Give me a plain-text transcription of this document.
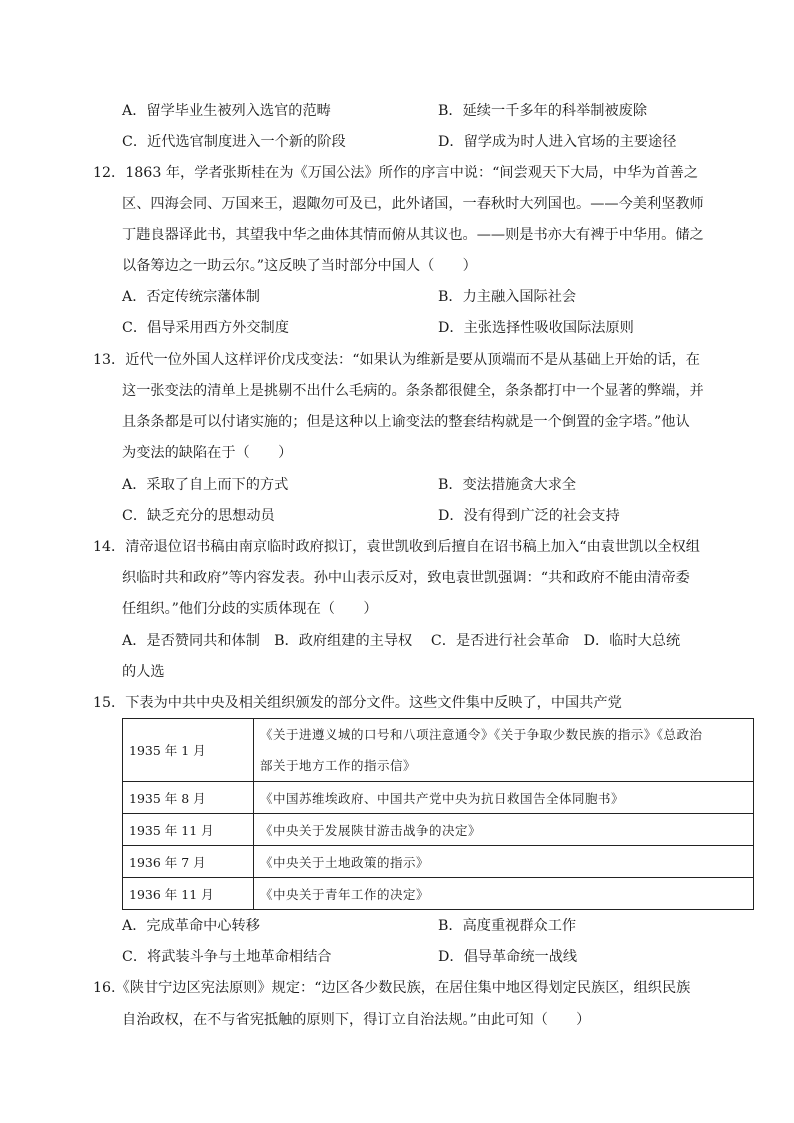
A．留学毕业生被列入选官的范畴	B．延续一千多年的科举制被废除
C．近代选官制度进入一个新的阶段	D．留学成为时人进入官场的主要途径
12．1863 年，学者张斯桂在为《万国公法》所作的序言中说：“间尝观天下大局，中华为首善之
区、四海会同、万国来王，遐陬勿可及已，此外诸国，一春秋时大列国也。——今美利坚教师
丁韪良器译此书，其望我中华之曲体其情而俯从其议也。——则是书亦大有裨于中华用。储之
以备筹边之一助云尔。”这反映了当时部分中国人（　　）
A．否定传统宗藩体制	B．力主融入国际社会
C．倡导采用西方外交制度	D．主张选择性吸收国际法原则
13．近代一位外国人这样评价戊戌变法：“如果认为维新是要从顶端而不是从基础上开始的话，在
这一张变法的清单上是挑剔不出什么毛病的。条条都很健全，条条都打中一个显著的弊端，并
且条条都是可以付诸实施的；但是这种以上谕变法的整套结构就是一个倒置的金字塔。”他认
为变法的缺陷在于（　　）
A．采取了自上而下的方式	B．变法措施贪大求全
C．缺乏充分的思想动员	D．没有得到广泛的社会支持
14．清帝退位诏书稿由南京临时政府拟订，袁世凯收到后擅自在诏书稿上加入“由袁世凯以全权组
织临时共和政府”等内容发表。孙中山表示反对，致电袁世凯强调：“共和政府不能由清帝委
任组织。”他们分歧的实质体现在（　　）
A．是否赞同共和体制　B．政府组建的主导权　 C．是否进行社会革命　D．临时大总统
的人选
15．下表为中共中央及相关组织颁发的部分文件。这些文件集中反映了，中国共产党
1935 年 1 月	《关于进遵义城的口号和八项注意通令》《关于争取少数民族的指示》《总政治
部关于地方工作的指示信》

1935 年 8 月	《中国苏维埃政府、中国共产党中央为抗日救国告全体同胞书》
1935 年 11 月	《中央关于发展陕甘游击战争的决定》
1936 年 7 月	《中央关于土地政策的指示》
1936 年 11 月	《中央关于青年工作的决定》
A．完成革命中心转移	B．高度重视群众工作
C．将武装斗争与土地革命相结合	D．倡导革命统一战线
16.《陕甘宁边区宪法原则》规定：“边区各少数民族，在居住集中地区得划定民族区，组织民族
自治政权，在不与省宪抵触的原则下，得订立自治法规。”由此可知（　　）
